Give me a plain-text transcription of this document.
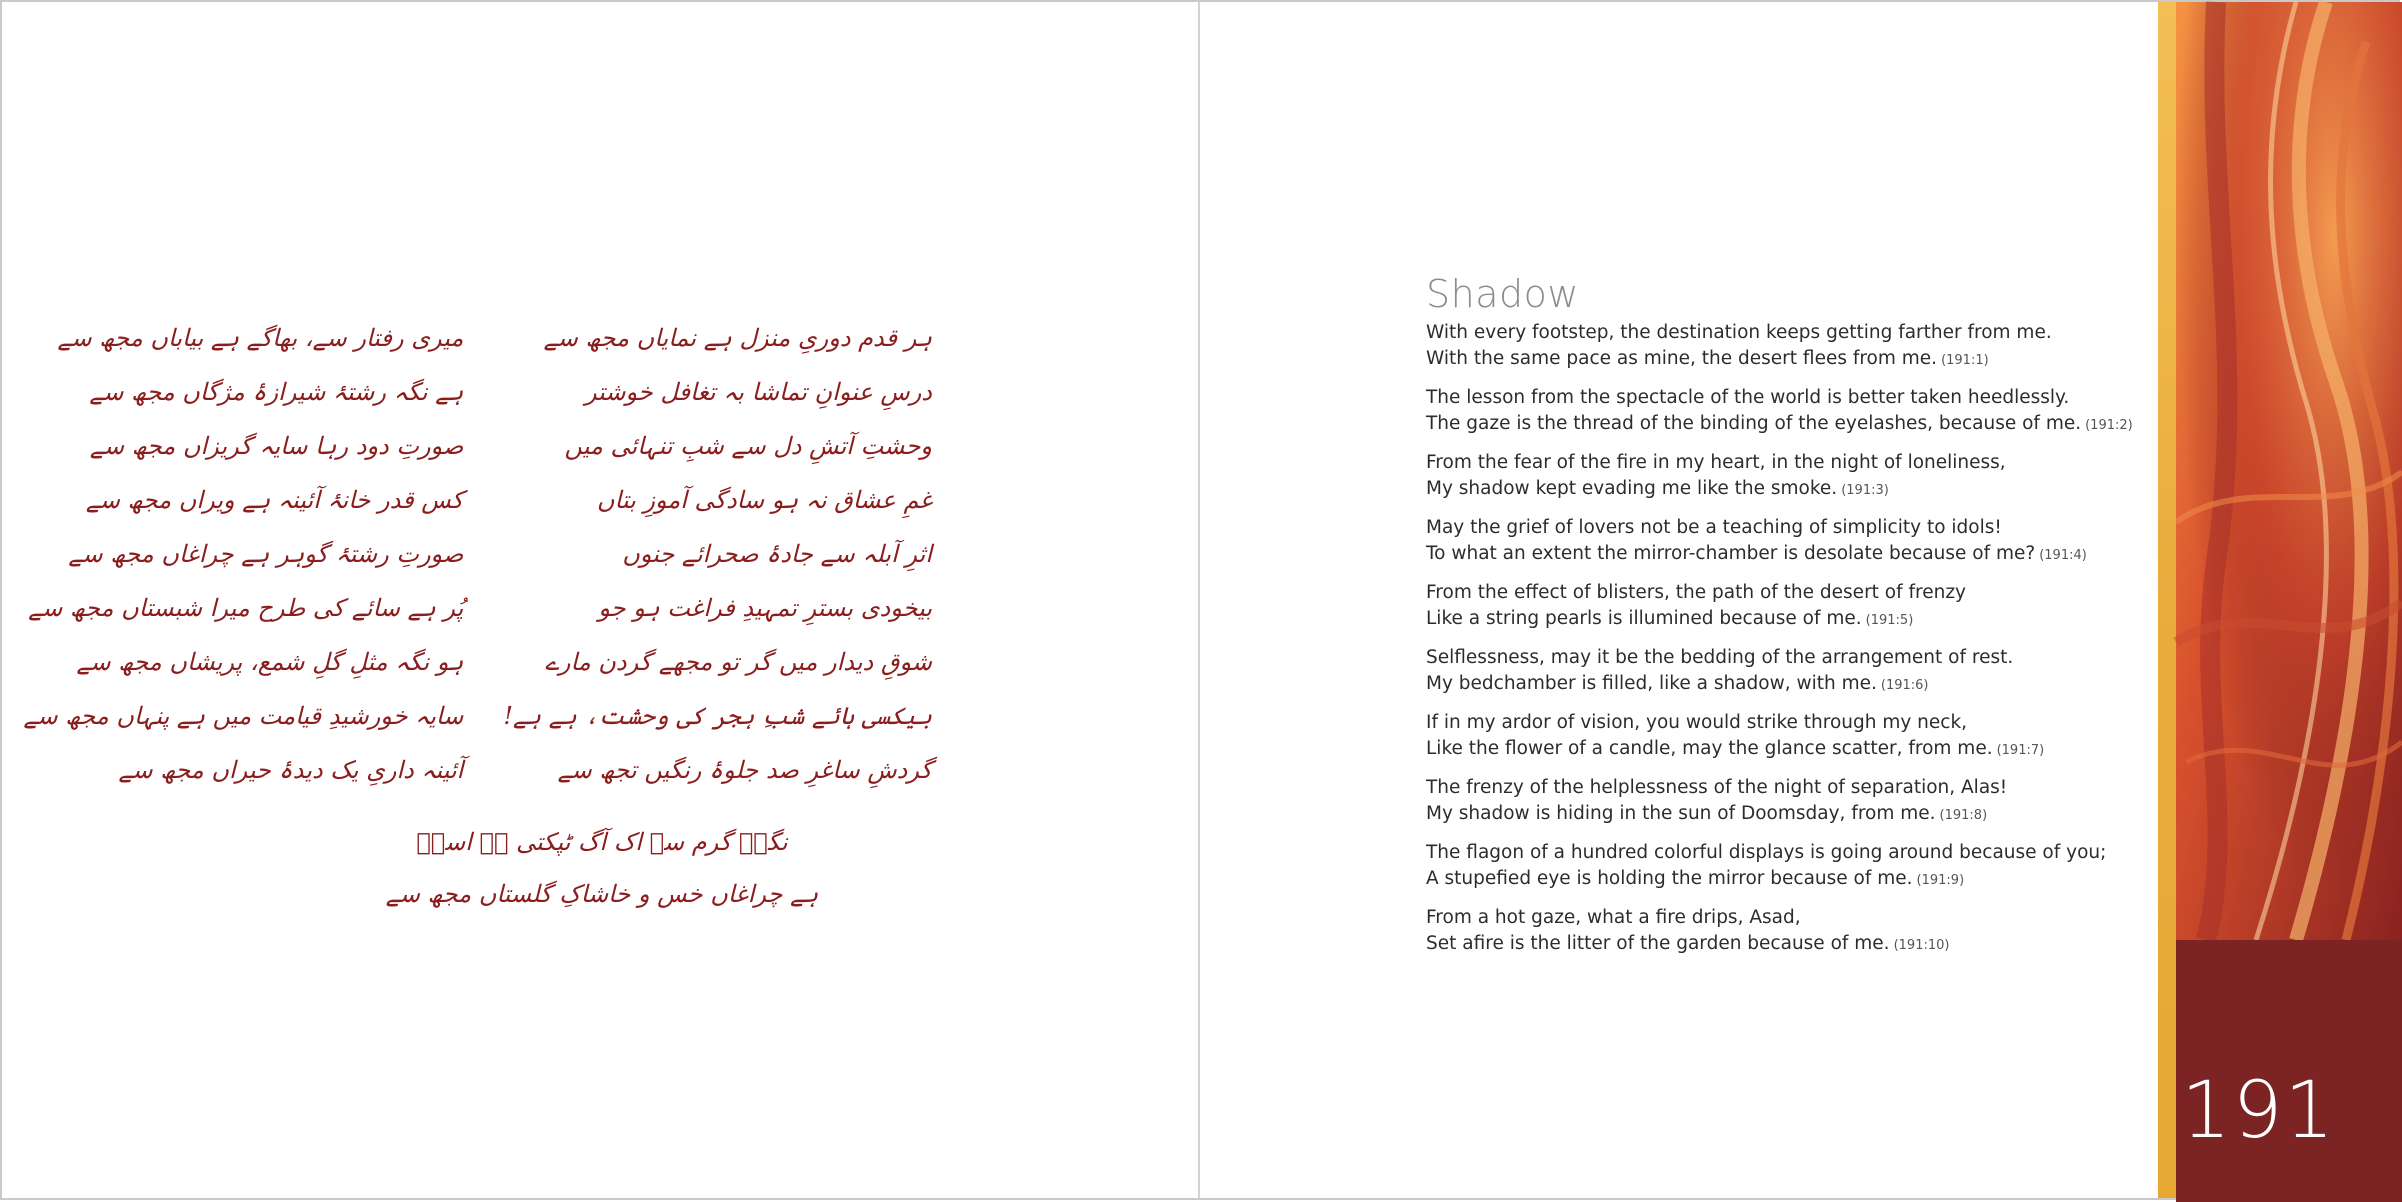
ہر قدم دوریِ منزل ہے نمایاں مجھ سے
میری رفتار سے، بھاگے ہے بیاباں مجھ سے
درسِ عنوانِ تماشا بہ تغافل خوشتر
ہے نگہ رشتۂ شیرازۂ مژگاں مجھ سے
وحشتِ آتشِ دل سے شبِ تنہائی میں
صورتِ دود رہا سایہ گریزاں مجھ سے
غمِ عشاق نہ ہو سادگی آموزِ بتاں
کس قدر خانۂ آئینہ ہے ویراں مجھ سے
اثرِ آبلہ سے جادۂ صحرائے جنوں
صورتِ رشتۂ گوہر ہے چراغاں مجھ سے
بیخودی بسترِ تمہیدِ فراغت ہو جو
پُر ہے سائے کی طرح میرا شبستاں مجھ سے
شوقِ دیدار میں گر تو مجھے گردن مارے
ہو نگہ مثلِ گلِ شمع، پریشاں مجھ سے
بیکسی ہائے شبِ ہجر کی وحشت، ہے ہے!
سایہ خورشیدِ قیامت میں ہے پنہاں مجھ سے
گردشِ ساغرِ صد جلوۂ رنگیں تجھ سے
آئینہ داریِ یک دیدۂ حیراں مجھ سے
نگہِ گرم سے اک آگ ٹپکتی ہے اسدؔ
ہے چراغاں خس و خاشاکِ گلستاں مجھ سے
Shadow
With every footstep, the destination keeps getting farther from me.
With the same pace as mine, the desert flees from me. (191:1)
The lesson from the spectacle of the world is better taken heedlessly.
The gaze is the thread of the binding of the eyelashes, because of me. (191:2)
From the fear of the fire in my heart, in the night of loneliness,
My shadow kept evading me like the smoke. (191:3)
May the grief of lovers not be a teaching of simplicity to idols!
To what an extent the mirror-chamber is desolate because of me? (191:4)
From the effect of blisters, the path of the desert of frenzy
Like a string pearls is illumined because of me. (191:5)
Selflessness, may it be the bedding of the arrangement of rest.
My bedchamber is filled, like a shadow, with me. (191:6)
If in my ardor of vision, you would strike through my neck,
Like the flower of a candle, may the glance scatter, from me. (191:7)
The frenzy of the helplessness of the night of separation, Alas!
My shadow is hiding in the sun of Doomsday, from me. (191:8)
The flagon of a hundred colorful displays is going around because of you;
A stupefied eye is holding the mirror because of me. (191:9)
From a hot gaze, what a fire drips, Asad,
Set afire is the litter of the garden because of me. (191:10)

191
